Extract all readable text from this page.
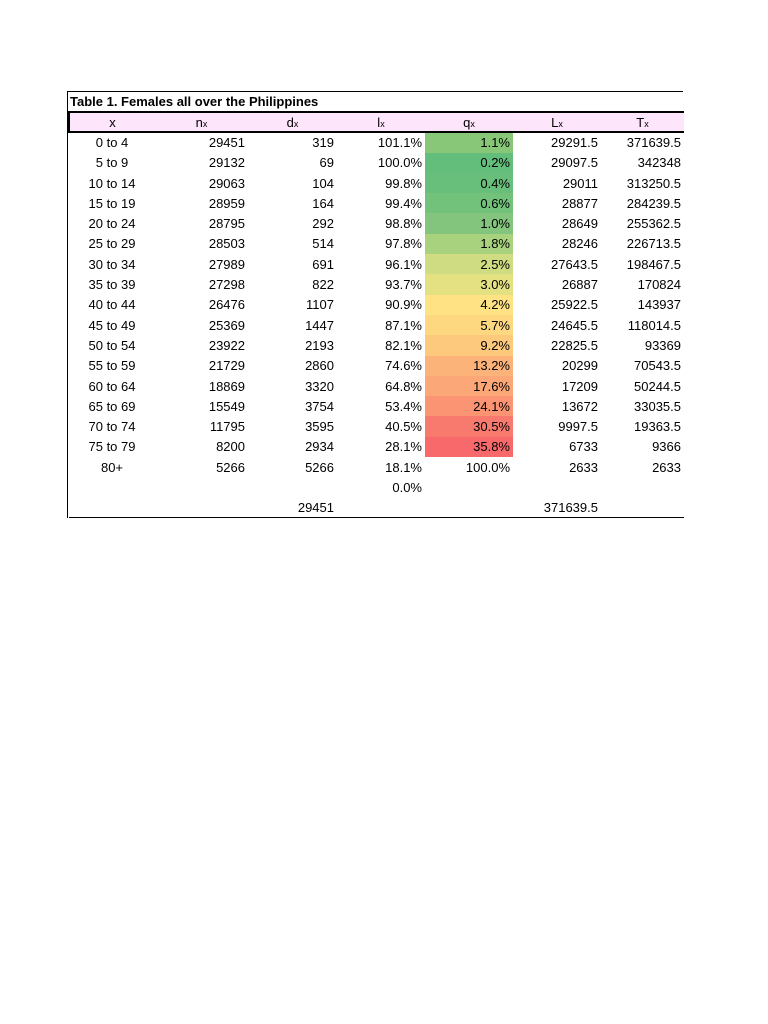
Table 1. Females all over the Philippines
x	nx	dx	lx	qx	Lx	Tx
0 to 4	29451	319	101.1%	1.1%	29291.5	371639.5
5 to 9	29132	69	100.0%	0.2%	29097.5	342348
10 to 14	29063	104	99.8%	0.4%	29011	313250.5
15 to 19	28959	164	99.4%	0.6%	28877	284239.5
20 to 24	28795	292	98.8%	1.0%	28649	255362.5
25 to 29	28503	514	97.8%	1.8%	28246	226713.5
30 to 34	27989	691	96.1%	2.5%	27643.5	198467.5
35 to 39	27298	822	93.7%	3.0%	26887	170824
40 to 44	26476	1107	90.9%	4.2%	25922.5	143937
45 to 49	25369	1447	87.1%	5.7%	24645.5	118014.5
50 to 54	23922	2193	82.1%	9.2%	22825.5	93369
55 to 59	21729	2860	74.6%	13.2%	20299	70543.5
60 to 64	18869	3320	64.8%	17.6%	17209	50244.5
65 to 69	15549	3754	53.4%	24.1%	13672	33035.5
70 to 74	11795	3595	40.5%	30.5%	9997.5	19363.5
75 to 79	8200	2934	28.1%	35.8%	6733	9366
80+	5266	5266	18.1%	100.0%	2633	2633
			0.0%			
		29451			371639.5	
